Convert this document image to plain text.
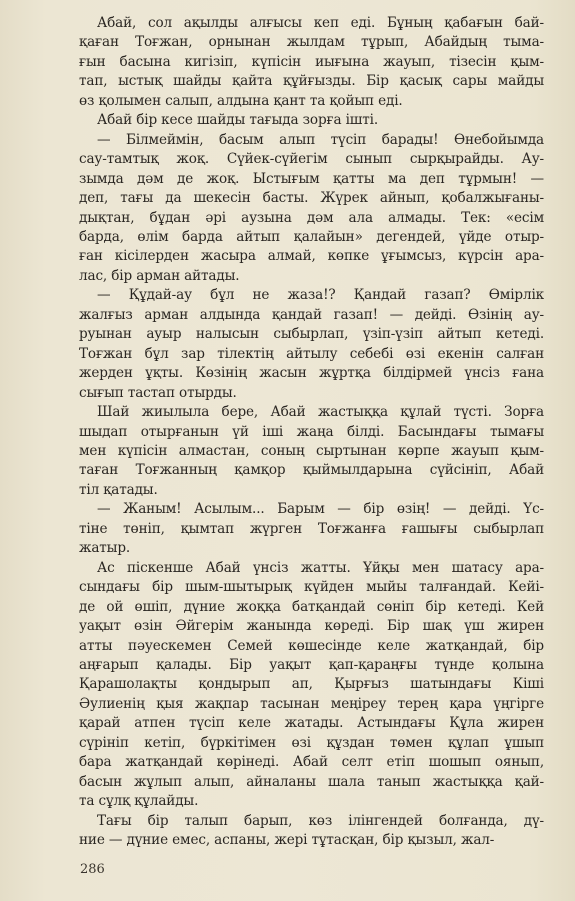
Абай, сол ақылды алғысы кеп еді. Бұның қабағын бай-
қаған Тоғжан, орнынан жылдам тұрып, Абайдың тыма-
ғын басына кигізіп, күпісін иығына жауып, тізесін қым-
тап, ыстық шайды қайта құйғызды. Бір қасық сары майды
өз қолымен салып, алдына қант та қойып еді.

Абай бір кесе шайды тағыда зорға ішті.

— Білмеймін, басым алып түсіп барады! Өнебойымда
сау-тамтық жоқ. Сүйек-сүйегім сынып сырқырайды. Ау-
зымда дәм де жоқ. Ыстығым қатты ма деп тұрмын! —
деп, тағы да шекесін басты. Жүрек айнып, қобалжығаны-
дықтан, бұдан әрі аузына дәм ала алмады. Тек: «есім
барда, өлім барда айтып қалайын» дегендей, үйде отыр-
ған кісілерден жасыра алмай, көпке ұғымсыз, күрсін ара-
лас, бір арман айтады.

— Құдай-ау бұл не жаза!? Қандай газап? Өмірлік
жалғыз арман алдында қандай газап! — дейді. Өзінің ау-
руынан ауыр налысын сыбырлап, үзіп-үзіп айтып кетеді.
Тоғжан бұл зар тілектің айтылу себебі өзі екенін салған
жерден ұқты. Көзінің жасын жұртқа білдірмей үнсіз ғана
сығып тастап отырды.

Шай жиылыла бере, Абай жастыққа құлай түсті. Зорға
шыдап отырғанын үй іші жаңа білді. Басындағы тымағы
мен күпісін алмастан, соның сыртынан көрпе жауып қым-
таған Тоғжанның қамқор қыймылдарына сүйсініп, Абай
тіл қатады.

— Жаным! Асылым... Барым — бір өзің! — дейді. Үс-
тіне төніп, қымтап жүрген Тоғжанға ғашығы сыбырлап
жатыр.

Ас піскенше Абай үнсіз жатты. Ұйқы мен шатасу ара-
сындағы бір шым-шытырық күйден мыйы талғандай. Кейі-
де ой өшіп, дүние жоққа батқандай сөніп бір кетеді. Кей
уақыт өзін Әйгерім жанында көреді. Бір шақ үш жирен
атты пәуескемен Семей көшесінде келе жатқандай, бір
аңғарып қалады. Бір уақыт қап-қараңғы түнде қолына
Қарашолақты қондырып ап, Қырғыз шатындағы Кіші
Әулиенің қыя жақпар тасынан меңіреу терең қара үңгірге
қарай атпен түсіп келе жатады. Астындағы Құла жирен
сүрініп кетіп, бүркітімен өзі құздан төмен құлап ұшып
бара жатқандай көрінеді. Абай селт етіп шошып оянып,
басын жұлып алып, айналаны шала танып жастыққа қай-
та сұлқ құлайды.

Тағы бір талып барып, көз ілінгендей болғанда, дү-
ние — дүние емес, аспаны, жері тұтасқан, бір қызыл, жал-

286
